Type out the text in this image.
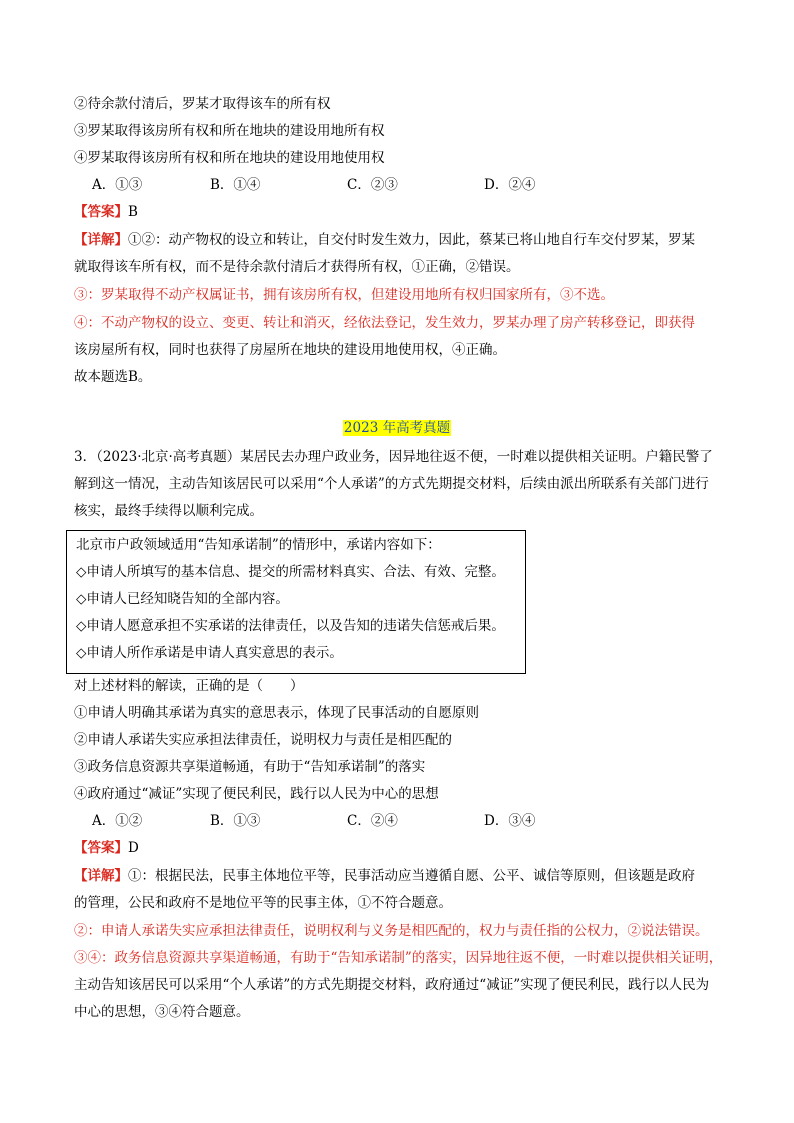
②待余款付清后，罗某才取得该车的所有权
③罗某取得该房所有权和所在地块的建设用地所有权
④罗某取得该房所有权和所在地块的建设用地使用权
A．①③	B．①④	C．②③	D．②④
【答案】B
【详解】①②：动产物权的设立和转让，自交付时发生效力，因此，蔡某已将山地自行车交付罗某，罗某
就取得该车所有权，而不是待余款付清后才获得所有权，①正确，②错误。
③：罗某取得不动产权属证书，拥有该房所有权，但建设用地所有权归国家所有，③不选。
④：不动产物权的设立、变更、转让和消灭，经依法登记，发生效力，罗某办理了房产转移登记，即获得
该房屋所有权，同时也获得了房屋所在地块的建设用地使用权，④正确。
故本题选B。
2023 年高考真题
3．（2023·北京·高考真题）某居民去办理户政业务，因异地往返不便，一时难以提供相关证明。户籍民警了
解到这一情况，主动告知该居民可以采用“个人承诺”的方式先期提交材料，后续由派出所联系有关部门进行
核实，最终手续得以顺利完成。
北京市户政领域适用“告知承诺制”的情形中，承诺内容如下：
◇申请人所填写的基本信息、提交的所需材料真实、合法、有效、完整。
◇申请人已经知晓告知的全部内容。
◇申请人愿意承担不实承诺的法律责任，以及告知的违诺失信惩戒后果。
◇申请人所作承诺是申请人真实意思的表示。
对上述材料的解读，正确的是（　　）
①申请人明确其承诺为真实的意思表示，体现了民事活动的自愿原则
②申请人承诺失实应承担法律责任，说明权力与责任是相匹配的
③政务信息资源共享渠道畅通，有助于“告知承诺制”的落实
④政府通过“减证”实现了便民利民，践行以人民为中心的思想
A．①②	B．①③	C．②④	D．③④
【答案】D
【详解】①：根据民法，民事主体地位平等，民事活动应当遵循自愿、公平、诚信等原则，但该题是政府
的管理，公民和政府不是地位平等的民事主体，①不符合题意。
②：申请人承诺失实应承担法律责任，说明权利与义务是相匹配的，权力与责任指的公权力，②说法错误。
③④：政务信息资源共享渠道畅通，有助于“告知承诺制”的落实，因异地往返不便，一时难以提供相关证明，
主动告知该居民可以采用“个人承诺”的方式先期提交材料，政府通过“减证”实现了便民利民，践行以人民为
中心的思想，③④符合题意。
